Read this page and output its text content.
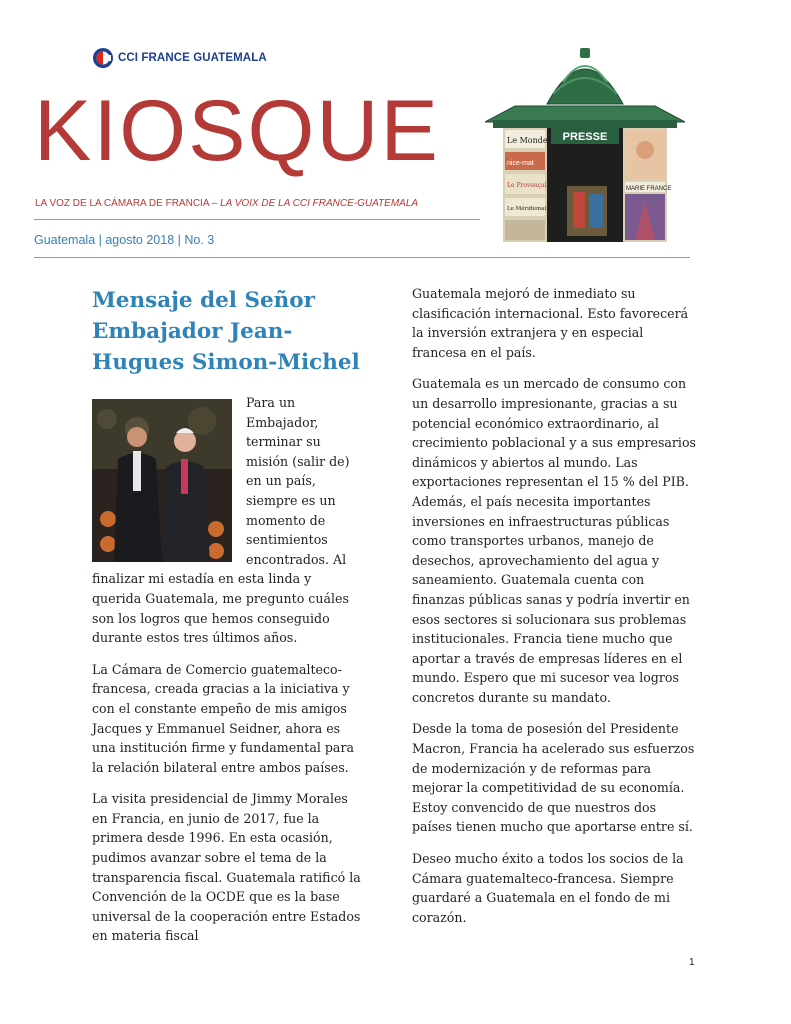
CCI FRANCE GUATEMALA
KIOSQUE
LA VOZ DE LA CÁMARA DE FRANCIA – LA VOIX DE LA CCI FRANCE-GUATEMALA
Guatemala | agosto 2018 | No. 3
PRESSE
Le Monde
nice-mat
Le Provençal
Le Méridional
MARIE FRANCE
Mensaje del Señor Embajador Jean-Hugues Simon-Michel

Para un Embajador, terminar su misión (salir de) en un país, siempre es un momento de sentimientos encontrados. Al finalizar mi estadía en esta linda y querida Guatemala, me pregunto cuáles son los logros que hemos conseguido durante estos tres últimos años.

La Cámara de Comercio guatemalteco-francesa, creada gracias a la iniciativa y con el constante empeño de mis amigos Jacques y Emmanuel Seidner, ahora es una institución firme y fundamental para la relación bilateral entre ambos países.

La visita presidencial de Jimmy Morales en Francia, en junio de 2017, fue la primera desde 1996. En esta ocasión, pudimos avanzar sobre el tema de la transparencia fiscal. Guatemala ratificó la Convención de la OCDE que es la base universal de la cooperación entre Estados en materia fiscal

Guatemala mejoró de inmediato su clasificación internacional. Esto favorecerá la inversión extranjera y en especial francesa en el país.

Guatemala es un mercado de consumo con un desarrollo impresionante, gracias a su potencial económico extraordinario, al crecimiento poblacional y a sus empresarios dinámicos y abiertos al mundo. Las exportaciones representan el 15 % del PIB. Además, el país necesita importantes inversiones en infraestructuras públicas como transportes urbanos, manejo de desechos, aprovechamiento del agua y saneamiento. Guatemala cuenta con finanzas públicas sanas y podría invertir en esos sectores si solucionara sus problemas institucionales. Francia tiene mucho que aportar a través de empresas líderes en el mundo. Espero que mi sucesor vea logros concretos durante su mandato.

Desde la toma de posesión del Presidente Macron, Francia ha acelerado sus esfuerzos de modernización y de reformas para mejorar la competitividad de su economía. Estoy convencido de que nuestros dos países tienen mucho que aportarse entre sí.

Deseo mucho éxito a todos los socios de la Cámara guatemalteco-francesa. Siempre guardaré a Guatemala en el fondo de mi corazón.

1
